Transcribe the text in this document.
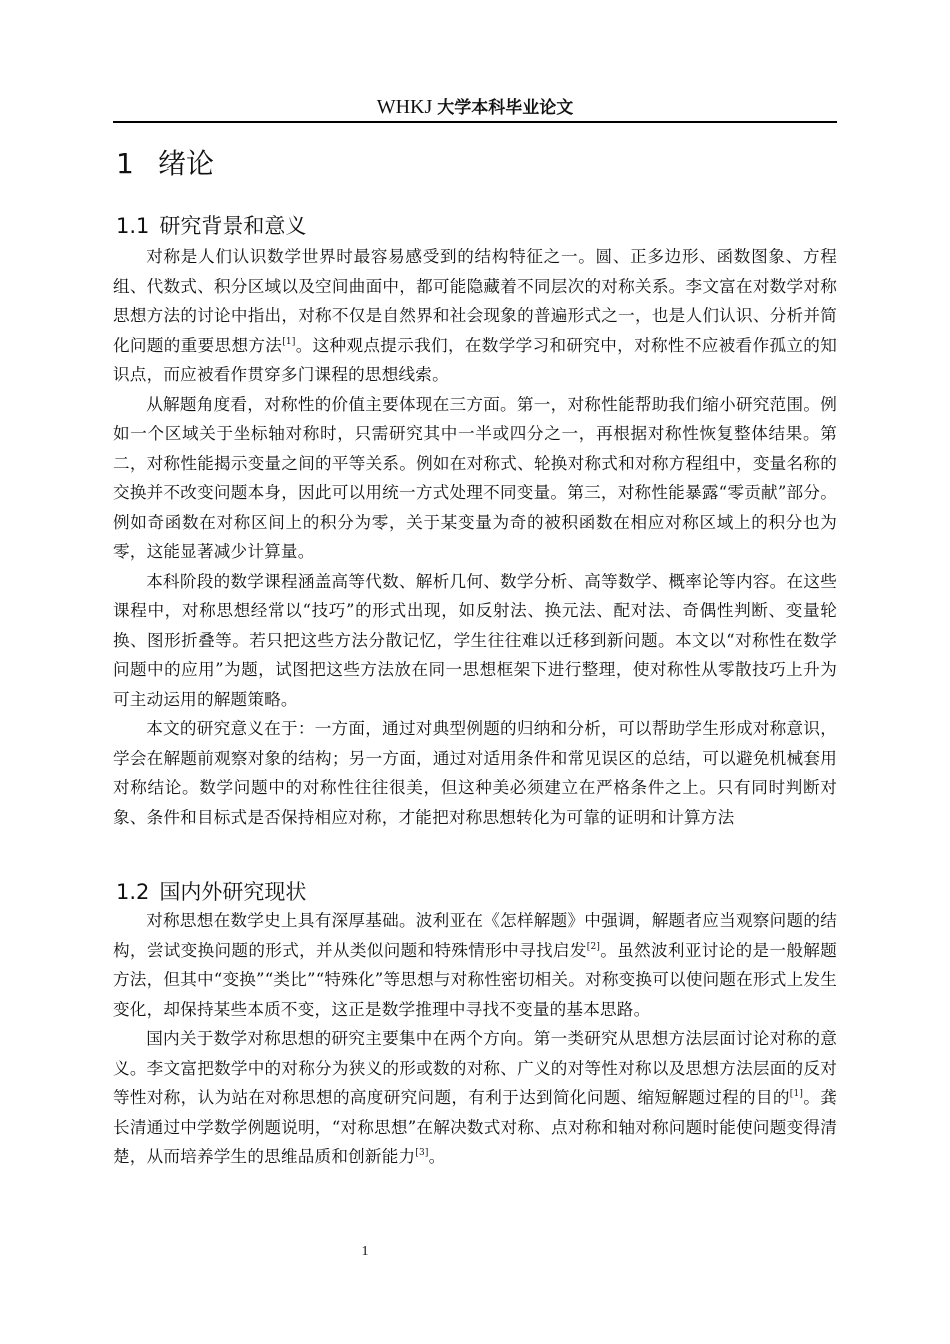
WHKJ 大学本科毕业论文
1 绪论
1.1 研究背景和意义

对称是人们认识数学世界时最容易感受到的结构特征之一。圆、正多边形、函数图象、方程组、代数式、积分区域以及空间曲面中，都可能隐藏着不同层次的对称关系。李文富在对数学对称思想方法的讨论中指出，对称不仅是自然界和社会现象的普遍形式之一，也是人们认识、分析并简化问题的重要思想方法[1]。这种观点提示我们，在数学学习和研究中，对称性不应被看作孤立的知识点，而应被看作贯穿多门课程的思想线索。

从解题角度看，对称性的价值主要体现在三方面。第一，对称性能帮助我们缩小研究范围。例如一个区域关于坐标轴对称时，只需研究其中一半或四分之一，再根据对称性恢复整体结果。第二，对称性能揭示变量之间的平等关系。例如在对称式、轮换对称式和对称方程组中，变量名称的交换并不改变问题本身，因此可以用统一方式处理不同变量。第三，对称性能暴露“零贡献”部分。例如奇函数在对称区间上的积分为零，关于某变量为奇的被积函数在相应对称区域上的积分也为零，这能显著减少计算量。

本科阶段的数学课程涵盖高等代数、解析几何、数学分析、高等数学、概率论等内容。在这些课程中，对称思想经常以“技巧”的形式出现，如反射法、换元法、配对法、奇偶性判断、变量轮换、图形折叠等。若只把这些方法分散记忆，学生往往难以迁移到新问题。本文以“对称性在数学问题中的应用”为题，试图把这些方法放在同一思想框架下进行整理，使对称性从零散技巧上升为可主动运用的解题策略。

本文的研究意义在于：一方面，通过对典型例题的归纳和分析，可以帮助学生形成对称意识，学会在解题前观察对象的结构；另一方面，通过对适用条件和常见误区的总结，可以避免机械套用对称结论。数学问题中的对称性往往很美，但这种美必须建立在严格条件之上。只有同时判断对象、条件和目标式是否保持相应对称，才能把对称思想转化为可靠的证明和计算方法

1.2 国内外研究现状

对称思想在数学史上具有深厚基础。波利亚在《怎样解题》中强调，解题者应当观察问题的结构，尝试变换问题的形式，并从类似问题和特殊情形中寻找启发[2]。虽然波利亚讨论的是一般解题方法，但其中“变换”“类比”“特殊化”等思想与对称性密切相关。对称变换可以使问题在形式上发生变化，却保持某些本质不变，这正是数学推理中寻找不变量的基本思路。

国内关于数学对称思想的研究主要集中在两个方向。第一类研究从思想方法层面讨论对称的意义。李文富把数学中的对称分为狭义的形或数的对称、广义的对等性对称以及思想方法层面的反对等性对称，认为站在对称思想的高度研究问题，有利于达到简化问题、缩短解题过程的目的[1]。龚长清通过中学数学例题说明，“对称思想”在解决数式对称、点对称和轴对称问题时能使问题变得清楚，从而培养学生的思维品质和创新能力[3]。

1
